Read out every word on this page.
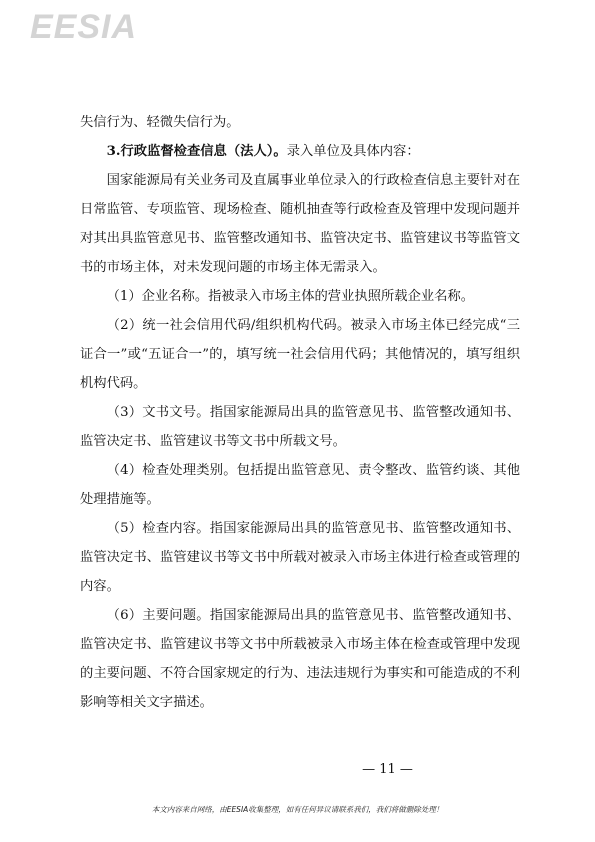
EESIA

失信行为、轻微失信行为。

3.行政监督检查信息（法人）。录入单位及具体内容：

国家能源局有关业务司及直属事业单位录入的行政检查信息主要针对在日常监管、专项监管、现场检查、随机抽查等行政检查及管理中发现问题并对其出具监管意见书、监管整改通知书、监管决定书、监管建议书等监管文书的市场主体，对未发现问题的市场主体无需录入。

（1）企业名称。指被录入市场主体的营业执照所载企业名称。

（2）统一社会信用代码/组织机构代码。被录入市场主体已经完成“三证合一”或“五证合一”的，填写统一社会信用代码；其他情况的，填写组织机构代码。

（3）文书文号。指国家能源局出具的监管意见书、监管整改通知书、监管决定书、监管建议书等文书中所载文号。

（4）检查处理类别。包括提出监管意见、责令整改、监管约谈、其他处理措施等。

（5）检查内容。指国家能源局出具的监管意见书、监管整改通知书、监管决定书、监管建议书等文书中所载对被录入市场主体进行检查或管理的内容。

（6）主要问题。指国家能源局出具的监管意见书、监管整改通知书、监管决定书、监管建议书等文书中所载被录入市场主体在检查或管理中发现的主要问题、不符合国家规定的行为、违法违规行为事实和可能造成的不利影响等相关文字描述。

— 11 —
本文内容来自网络，由EESIA收集整理，如有任何异议请联系我们，我们将做删除处理！
